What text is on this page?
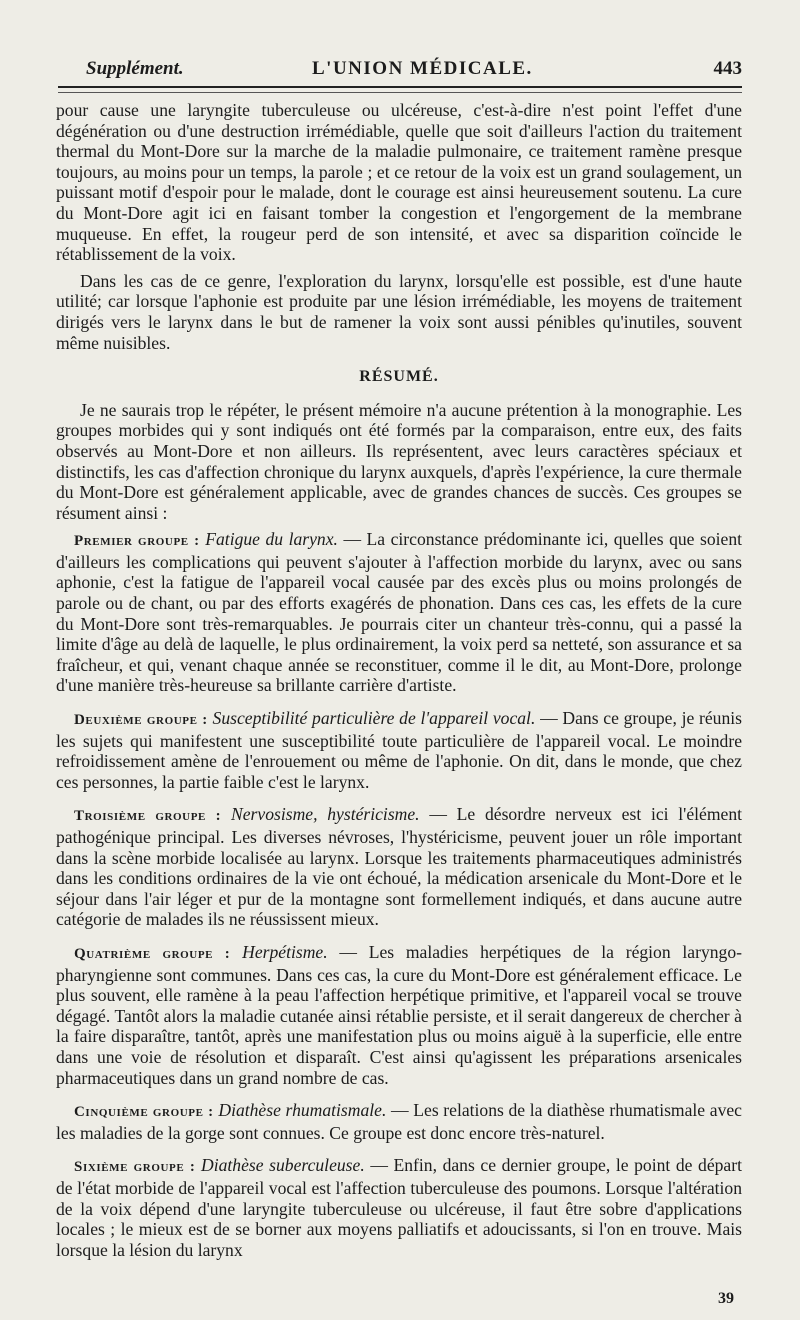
Supplément.	L'UNION MÉDICALE.	443

pour cause une laryngite tuberculeuse ou ulcéreuse, c'est-à-dire n'est point l'effet d'une dégénération ou d'une destruction irrémédiable, quelle que soit d'ailleurs l'action du traitement thermal du Mont-Dore sur la marche de la maladie pulmonaire, ce traitement ramène presque toujours, au moins pour un temps, la parole ; et ce retour de la voix est un grand soulagement, un puissant motif d'espoir pour le malade, dont le courage est ainsi heureusement soutenu. La cure du Mont-Dore agit ici en faisant tomber la congestion et l'engorgement de la membrane muqueuse. En effet, la rougeur perd de son intensité, et avec sa disparition coïncide le rétablissement de la voix.

Dans les cas de ce genre, l'exploration du larynx, lorsqu'elle est possible, est d'une haute utilité; car lorsque l'aphonie est produite par une lésion irrémédiable, les moyens de traitement dirigés vers le larynx dans le but de ramener la voix sont aussi pénibles qu'inutiles, souvent même nuisibles.

RÉSUMÉ.

Je ne saurais trop le répéter, le présent mémoire n'a aucune prétention à la monographie. Les groupes morbides qui y sont indiqués ont été formés par la comparaison, entre eux, des faits observés au Mont-Dore et non ailleurs. Ils représentent, avec leurs caractères spéciaux et distinctifs, les cas d'affection chronique du larynx auxquels, d'après l'expérience, la cure thermale du Mont-Dore est généralement applicable, avec de grandes chances de succès. Ces groupes se résument ainsi :

Premier groupe : Fatigue du larynx. — La circonstance prédominante ici, quelles que soient d'ailleurs les complications qui peuvent s'ajouter à l'affection morbide du larynx, avec ou sans aphonie, c'est la fatigue de l'appareil vocal causée par des excès plus ou moins prolongés de parole ou de chant, ou par des efforts exagérés de phonation. Dans ces cas, les effets de la cure du Mont-Dore sont très-remarquables. Je pourrais citer un chanteur très-connu, qui a passé la limite d'âge au delà de laquelle, le plus ordinairement, la voix perd sa netteté, son assurance et sa fraîcheur, et qui, venant chaque année se reconstituer, comme il le dit, au Mont-Dore, prolonge d'une manière très-heureuse sa brillante carrière d'artiste.

Deuxième groupe : Susceptibilité particulière de l'appareil vocal. — Dans ce groupe, je réunis les sujets qui manifestent une susceptibilité toute particulière de l'appareil vocal. Le moindre refroidissement amène de l'enrouement ou même de l'aphonie. On dit, dans le monde, que chez ces personnes, la partie faible c'est le larynx.

Troisième groupe : Nervosisme, hystéricisme. — Le désordre nerveux est ici l'élément pathogénique principal. Les diverses névroses, l'hystéricisme, peuvent jouer un rôle important dans la scène morbide localisée au larynx. Lorsque les traitements pharmaceutiques administrés dans les conditions ordinaires de la vie ont échoué, la médication arsenicale du Mont-Dore et le séjour dans l'air léger et pur de la montagne sont formellement indiqués, et dans aucune autre catégorie de malades ils ne réussissent mieux.

Quatrième groupe : Herpétisme. — Les maladies herpétiques de la région laryngo-pharyngienne sont communes. Dans ces cas, la cure du Mont-Dore est généralement efficace. Le plus souvent, elle ramène à la peau l'affection herpétique primitive, et l'appareil vocal se trouve dégagé. Tantôt alors la maladie cutanée ainsi rétablie persiste, et il serait dangereux de chercher à la faire disparaître, tantôt, après une manifestation plus ou moins aiguë à la superficie, elle entre dans une voie de résolution et disparaît. C'est ainsi qu'agissent les préparations arsenicales pharmaceutiques dans un grand nombre de cas.

Cinquième groupe : Diathèse rhumatismale. — Les relations de la diathèse rhumatismale avec les maladies de la gorge sont connues. Ce groupe est donc encore très-naturel.

Sixième groupe : Diathèse suberculeuse. — Enfin, dans ce dernier groupe, le point de départ de l'état morbide de l'appareil vocal est l'affection tuberculeuse des poumons. Lorsque l'altération de la voix dépend d'une laryngite tuberculeuse ou ulcéreuse, il faut être sobre d'applications locales ; le mieux est de se borner aux moyens palliatifs et adoucissants, si l'on en trouve. Mais lorsque la lésion du larynx

39
